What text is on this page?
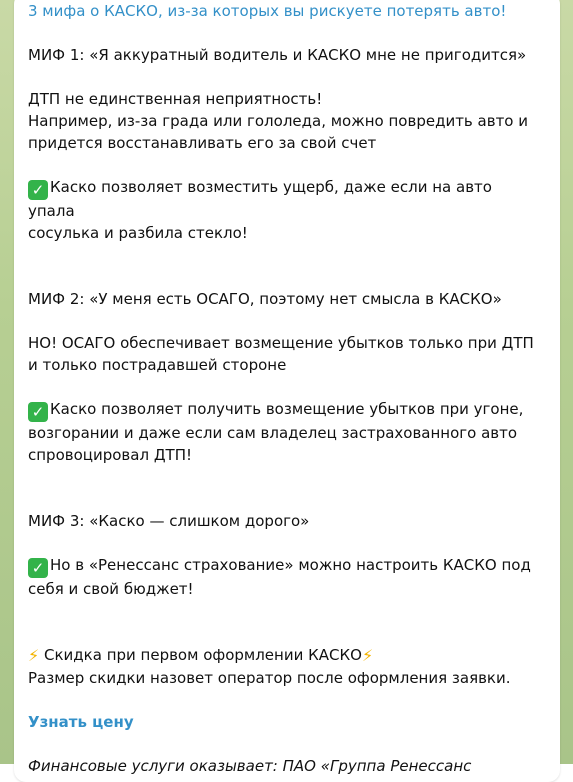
3 мифа о КАСКО, из-за которых вы рискуете потерять авто!

МИФ 1: «Я аккуратный водитель и КАСКО мне не пригодится»

ДТП не единственная неприятность!

Например, из-за града или гололеда, можно повредить авто и

придется восстанавливать его за свой счет

✓ Каско позволяет возместить ущерб, даже если на авто упала

сосулька и разбила стекло!

МИФ 2: «У меня есть ОСАГО, поэтому нет смысла в КАСКО»

НО! ОСАГО обеспечивает возмещение убытков только при ДТП

и только пострадавшей стороне

✓ Каско позволяет получить возмещение убытков при угоне,

возгорании и даже если сам владелец застрахованного авто

спровоцировал ДТП!

МИФ 3: «Каско — слишком дорого»

✓ Но в «Ренессанс страхование» можно настроить КАСКО под

себя и свой бюджет!

⚡ Скидка при первом оформлении КАСКО⚡

Размер скидки назовет оператор после оформления заявки.

Узнать цену

Финансовые услуги оказывает: ПАО «Группа Ренессанс
